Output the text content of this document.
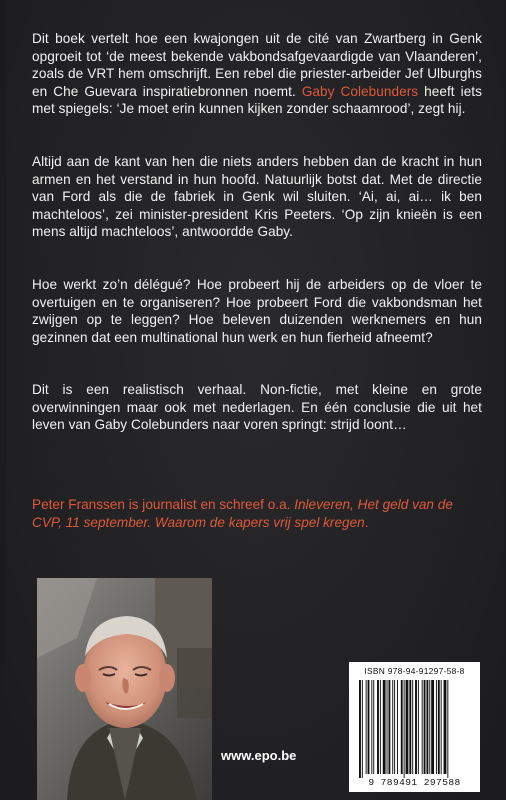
Dit boek vertelt hoe een kwajongen uit de cité van Zwartberg in Genk opgroeit tot ‘de meest bekende vakbondsafgevaardigde van Vlaanderen’, zoals de VRT hem omschrijft. Een rebel die priester-arbeider Jef Ulburghs en Che Guevara inspiratiebronnen noemt. Gaby Colebunders heeft iets met spiegels: ‘Je moet erin kunnen kijken zonder schaamrood’, zegt hij.

Altijd aan de kant van hen die niets anders hebben dan de kracht in hun armen en het verstand in hun hoofd. Natuurlijk botst dat. Met de directie van Ford als die de fabriek in Genk wil sluiten. ‘Ai, ai, ai… ik ben machteloos’, zei minister-president Kris Peeters. ‘Op zijn knieën is een mens altijd machteloos’, antwoordde Gaby.

Hoe werkt zo’n délégué? Hoe probeert hij de arbeiders op de vloer te overtuigen en te organiseren? Hoe probeert Ford die vakbondsman het zwijgen op te leggen? Hoe beleven duizenden werknemers en hun gezinnen dat een multinational hun werk en hun fierheid afneemt?

Dit is een realistisch verhaal. Non-fictie, met kleine en grote overwinningen maar ook met nederlagen. En één conclusie die uit het leven van Gaby Colebunders naar voren springt: strijd loont…

Peter Franssen is journalist en schreef o.a. Inleveren, Het geld van de CVP, 11 september. Waarom de kapers vrij spel kregen.

www.epo.be
ISBN 978-94-91297-58-8
9 789491 297588
